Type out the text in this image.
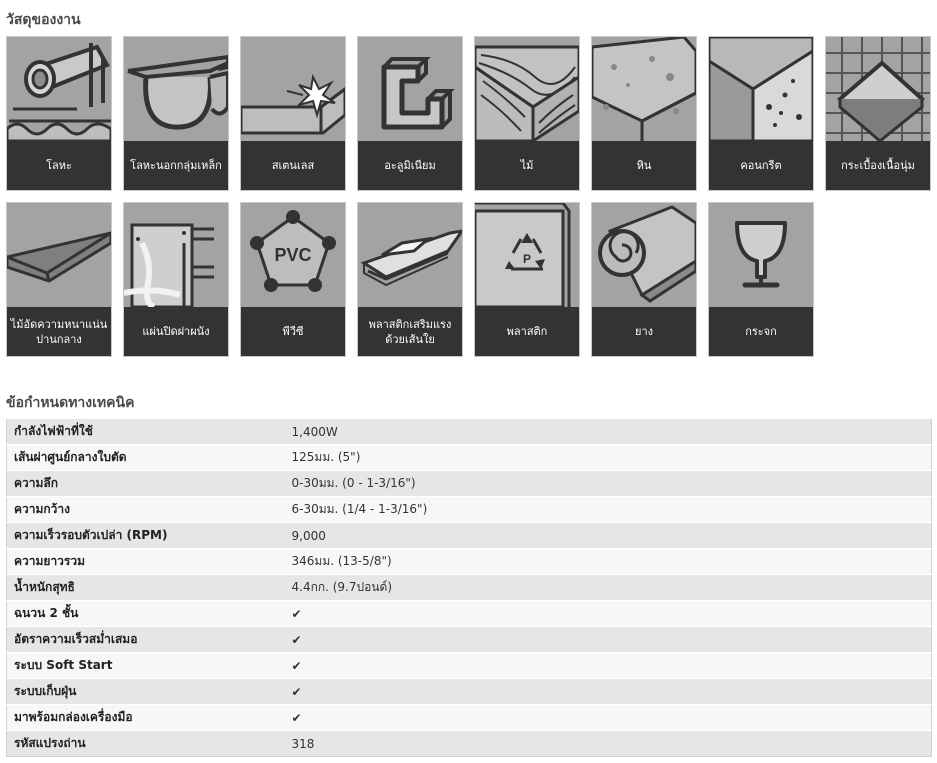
วัสดุของงาน
โลหะ	โลหะนอกกลุ่มเหล็ก	สเตนเลส	อะลูมิเนียม	ไม้	หิน	คอนกรีต	กระเบื้องเนื้อนุ่ม
ไม้อัดความหนาแน่นปานกลาง
แผ่นปิดฝาผนัง
PVC
พีวีซี
พลาสติกเสริมแรงด้วยเส้นใย
P
พลาสติก	ยาง	กระจก
ข้อกำหนดทางเทคนิค
กำลังไฟฟ้าที่ใช้	1,400W
เส้นผ่าศูนย์กลางใบตัด	125มม. (5")
ความลึก	0-30มม. (0 - 1-3/16")
ความกว้าง	6-30มม. (1/4 - 1-3/16")
ความเร็วรอบตัวเปล่า (RPM)	9,000
ความยาวรวม	346มม. (13-5/8")
น้ำหนักสุทธิ	4.4กก. (9.7ปอนด์)
ฉนวน 2 ชั้น	✔
อัตราความเร็วสม่ำเสมอ	✔
ระบบ Soft Start	✔
ระบบเก็บฝุ่น	✔
มาพร้อมกล่องเครื่องมือ	✔
รหัสแปรงถ่าน	318
